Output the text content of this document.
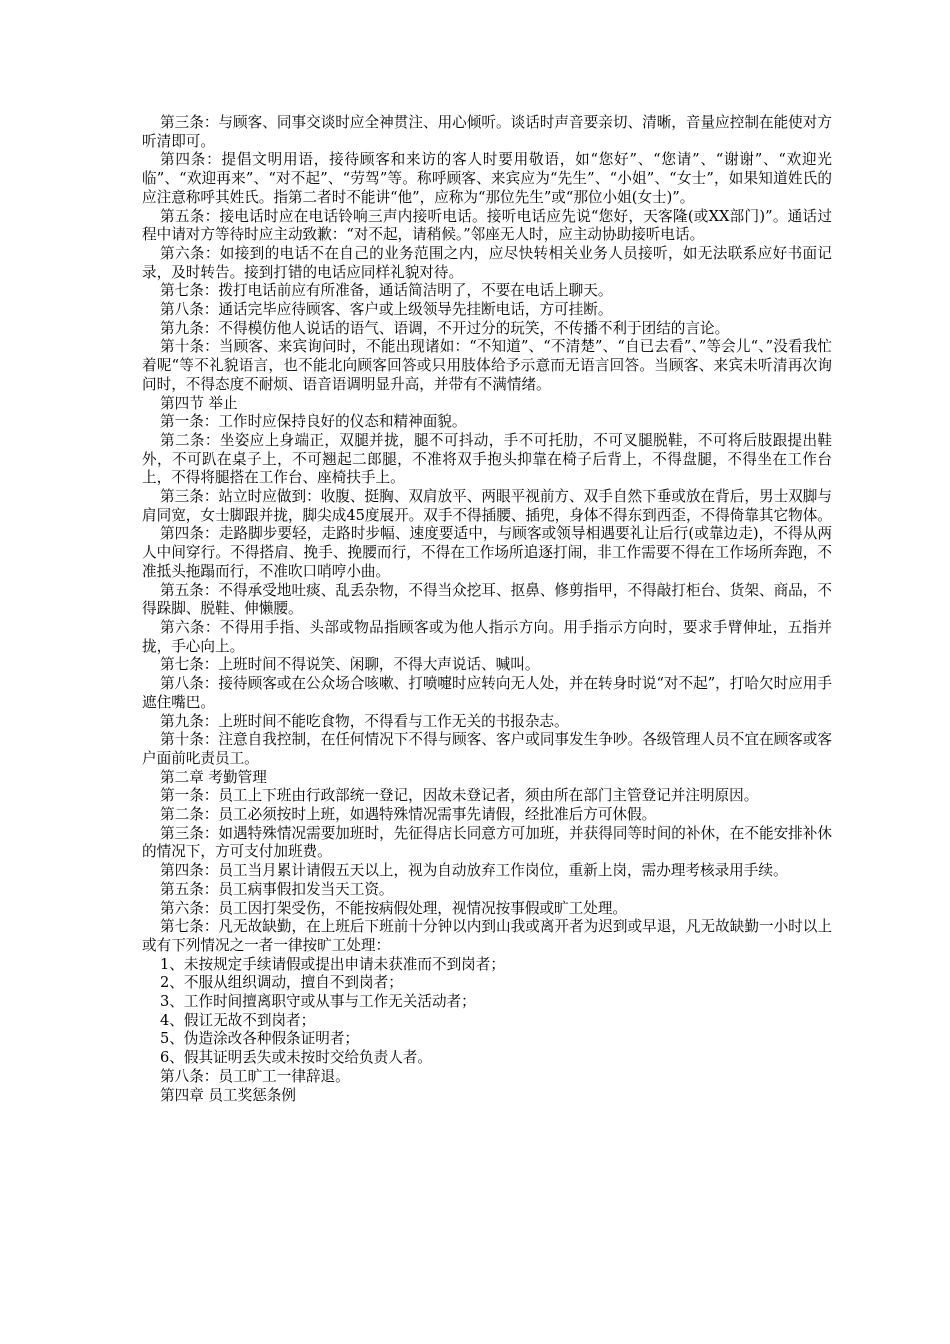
第三条：与顾客、同事交谈时应全神贯注、用心倾听。谈话时声音要亲切、清晰，音量应控制在能使对方听清即可。

第四条：提倡文明用语，接待顾客和来访的客人时要用敬语，如“您好”、“您请”、“谢谢”、“欢迎光临”、“欢迎再来”、“对不起”、“劳驾”等。称呼顾客、来宾应为“先生”、“小姐”、“女士”，如果知道姓氏的应注意称呼其姓氏。指第二者时不能讲“他”，应称为“那位先生”或“那位小姐(女士)”。

第五条：接电话时应在电话铃响三声内接听电话。接听电话应先说“您好，天客隆(或XX部门)”。通话过程中请对方等待时应主动致歉：“对不起，请稍候。”邻座无人时，应主动协助接听电话。

第六条：如接到的电话不在自己的业务范围之内，应尽快转相关业务人员接听，如无法联系应好书面记录，及时转告。接到打错的电话应同样礼貌对待。

第七条：拨打电话前应有所准备，通话简洁明了，不要在电话上聊天。

第八条：通话完毕应待顾客、客户或上级领导先挂断电话，方可挂断。

第九条：不得模仿他人说话的语气、语调，不开过分的玩笑，不传播不利于团结的言论。

第十条：当顾客、来宾询问时，不能出现诸如：“不知道”、“不清楚”、“自已去看”、”等会儿“、”没看我忙着呢“等不礼貌语言，也不能北向顾客回答或只用肢体给予示意而无语言回答。当顾客、来宾未听清再次询问时，不得态度不耐烦、语音语调明显升高，并带有不满情绪。

第四节 举止

第一条：工作时应保持良好的仪态和精神面貌。

第二条：坐姿应上身端正，双腿并拢，腿不可抖动，手不可托肋，不可叉腿脱鞋，不可将后肢跟提出鞋外，不可趴在桌子上，不可翘起二郎腿，不准将双手抱头抑靠在椅子后背上，不得盘腿，不得坐在工作台上，不得将腿搭在工作台、座椅扶手上。

第三条：站立时应做到：收腹、挺胸、双肩放平、两眼平视前方、双手自然下垂或放在背后，男士双脚与肩同宽，女士脚跟并拢，脚尖成45度展开。双手不得插腰、插兜，身体不得东到西歪，不得倚靠其它物体。

第四条：走路脚步要轻，走路时步幅、速度要适中，与顾客或领导相遇要礼让后行(或靠边走)，不得从两人中间穿行。不得搭肩、挽手、挽腰而行，不得在工作场所追逐打闹，非工作需要不得在工作场所奔跑，不准抵头拖蹋而行，不准吹口哨哼小曲。

第五条：不得承受地吐痰、乱丢杂物，不得当众挖耳、抠鼻、修剪指甲，不得敲打柜台、货架、商品，不得跺脚、脱鞋、伸懒腰。

第六条：不得用手指、头部或物品指顾客或为他人指示方向。用手指示方向时，要求手臂伸址，五指并拢，手心向上。

第七条：上班时间不得说笑、闲聊，不得大声说话、喊叫。

第八条：接待顾客或在公众场合咳嗽、打喷嚏时应转向无人处，并在转身时说“对不起”，打哈欠时应用手遮住嘴巴。

第九条：上班时间不能吃食物，不得看与工作无关的书报杂志。

第十条：注意自我控制，在任何情况下不得与顾客、客户或同事发生争吵。各级管理人员不宜在顾客或客户面前叱责员工。

第二章 考勤管理

第一条：员工上下班由行政部统一登记，因故未登记者，须由所在部门主管登记并注明原因。

第二条：员工必须按时上班，如遇特殊情况需事先请假，经批准后方可休假。

第三条：如遇特殊情况需要加班时，先征得店长同意方可加班，并获得同等时间的补休，在不能安排补休的情况下，方可支付加班费。

第四条：员工当月累计请假五天以上，视为自动放弃工作岗位，重新上岗，需办理考核录用手续。

第五条：员工病事假扣发当天工资。

第六条：员工因打架受伤，不能按病假处理，视情况按事假或旷工处理。

第七条：凡无故缺勤，在上班后下班前十分钟以内到山我或离开者为迟到或早退，凡无故缺勤一小时以上或有下列情况之一者一律按旷工处理：

1、未按规定手续请假或提出申请未获准而不到岗者；

2、不服从组织调动，擅自不到岗者；

3、工作时间擅离职守或从事与工作无关活动者；

4、假讧无故不到岗者；

5、伪造涂改各种假条证明者；

6、假其证明丢失或未按时交给负责人者。

第八条：员工旷工一律辞退。

第四章 员工奖惩条例
